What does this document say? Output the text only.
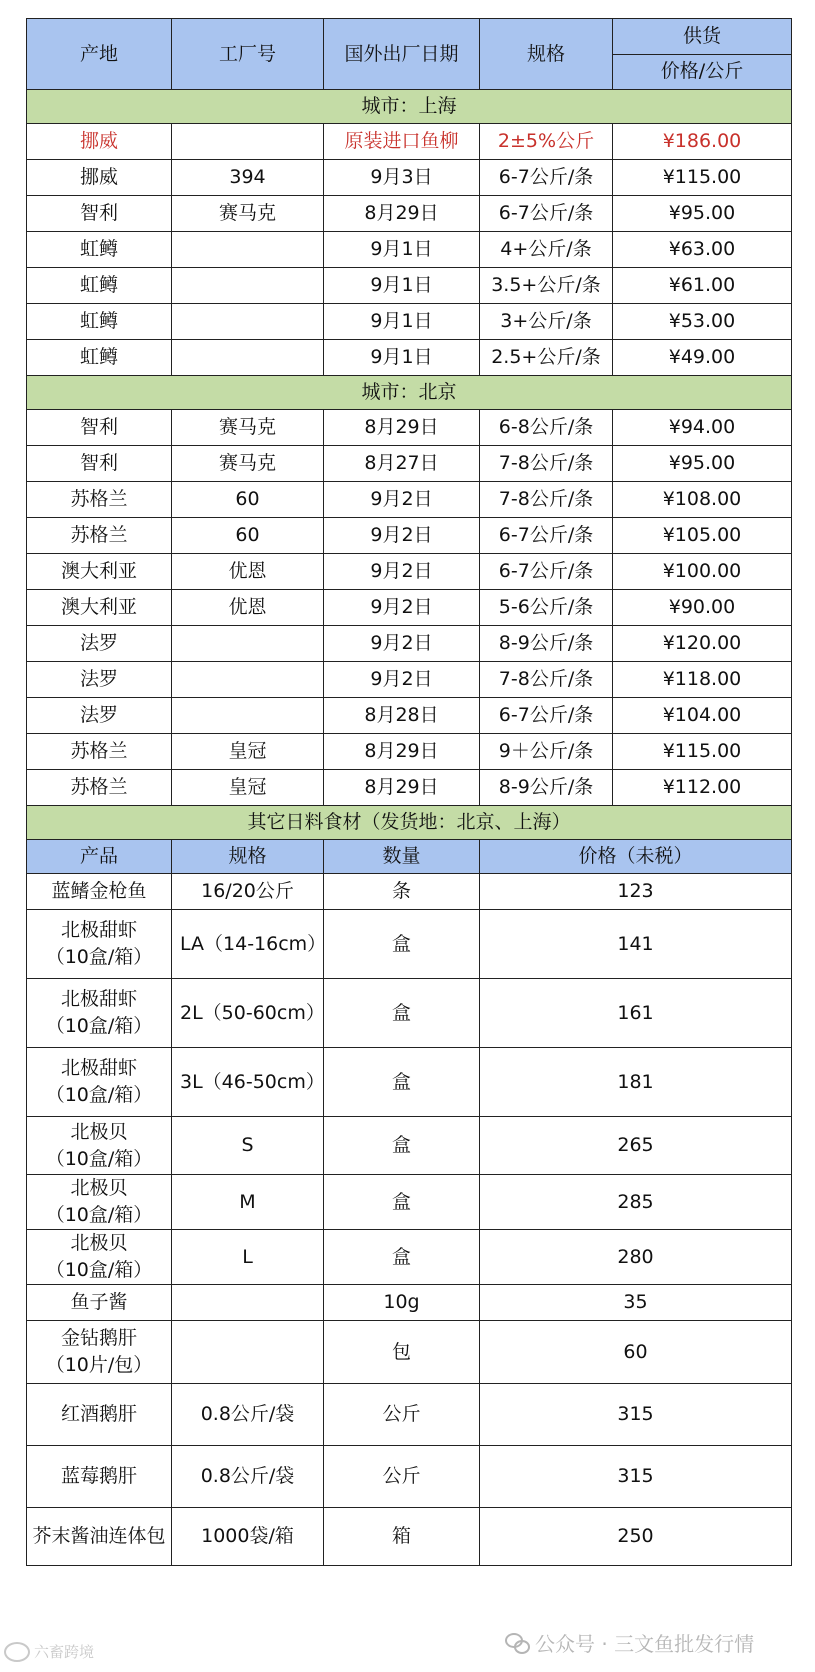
产地	工厂号	国外出厂日期	规格	供货
				价格/公斤
城市：上海				
挪威		原装进口鱼柳	2±5%公斤	¥186.00
挪威	394	9月3日	6-7公斤/条	¥115.00
智利	赛马克	8月29日	6-7公斤/条	¥95.00
虹鳟		9月1日	4+公斤/条	¥63.00
虹鳟		9月1日	3.5+公斤/条	¥61.00
虹鳟		9月1日	3+公斤/条	¥53.00
虹鳟		9月1日	2.5+公斤/条	¥49.00
城市：北京				
智利	赛马克	8月29日	6-8公斤/条	¥94.00
智利	赛马克	8月27日	7-8公斤/条	¥95.00
苏格兰	60	9月2日	7-8公斤/条	¥108.00
苏格兰	60	9月2日	6-7公斤/条	¥105.00
澳大利亚	优恩	9月2日	6-7公斤/条	¥100.00
澳大利亚	优恩	9月2日	5-6公斤/条	¥90.00
法罗		9月2日	8-9公斤/条	¥120.00
法罗		9月2日	7-8公斤/条	¥118.00
法罗		8月28日	6-7公斤/条	¥104.00
苏格兰	皇冠	8月29日	9＋公斤/条	¥115.00
苏格兰	皇冠	8月29日	8-9公斤/条	¥112.00
其它日料食材（发货地：北京、上海）				
产品	规格	数量	价格（未税）	
蓝鳍金枪鱼	16/20公斤	条	123	
北极甜虾
（10盒/箱）	LA（14-16cm）	盒	141	
北极甜虾
（10盒/箱）	2L（50-60cm）	盒	161	
北极甜虾
（10盒/箱）	3L（46-50cm）	盒	181	
北极贝
（10盒/箱）	S	盒	265	
北极贝
（10盒/箱）	M	盒	285	
北极贝
（10盒/箱）	L	盒	280	
鱼子酱		10g	35	
金钻鹅肝
（10片/包）		包	60	
红酒鹅肝	0.8公斤/袋	公斤	315	
蓝莓鹅肝	0.8公斤/袋	公斤	315	
芥末酱油连体包	1000袋/箱	箱	250	
六畜跨境	公众号 · 三文鱼批发行情
